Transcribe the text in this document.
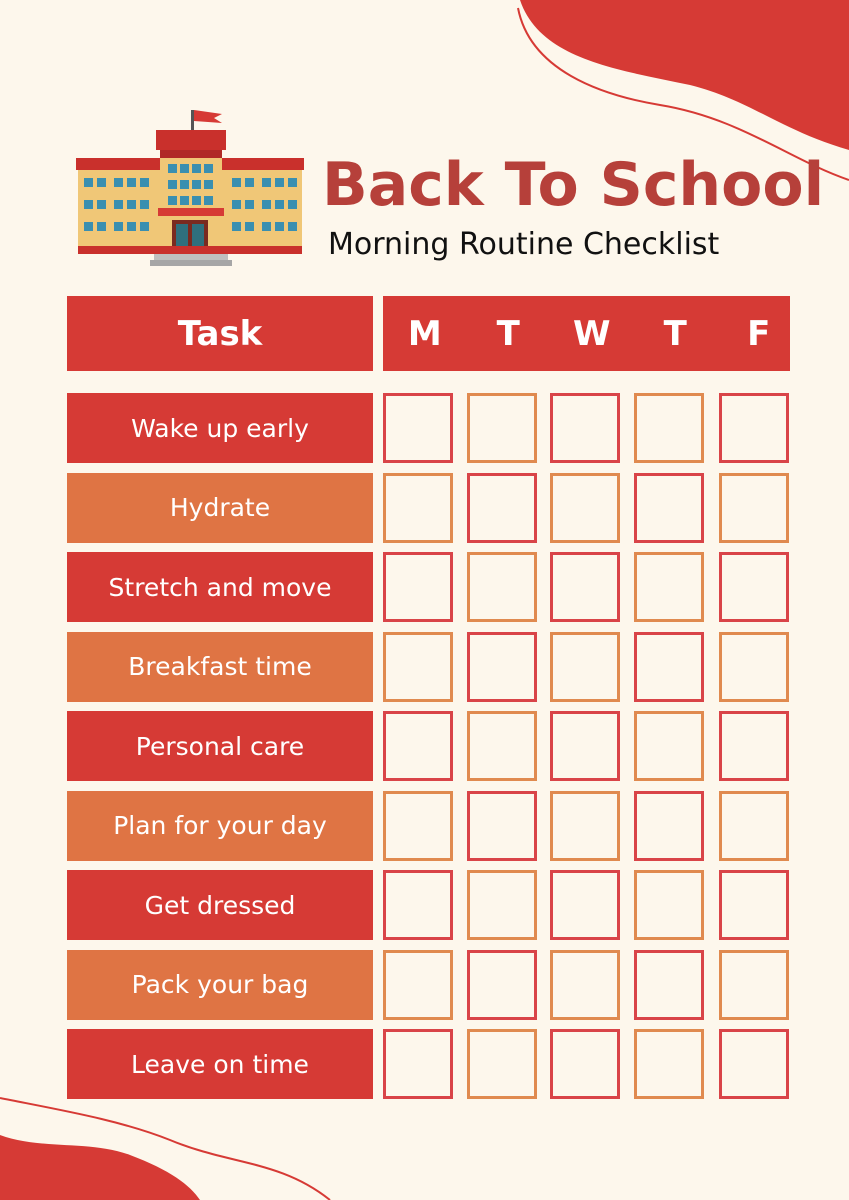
Back To School
Morning Routine Checklist
Task	M	T	W	T	F
Wake up early
Hydrate
Stretch and move
Breakfast time
Personal care
Plan for your day
Get dressed
Pack your bag
Leave on time
